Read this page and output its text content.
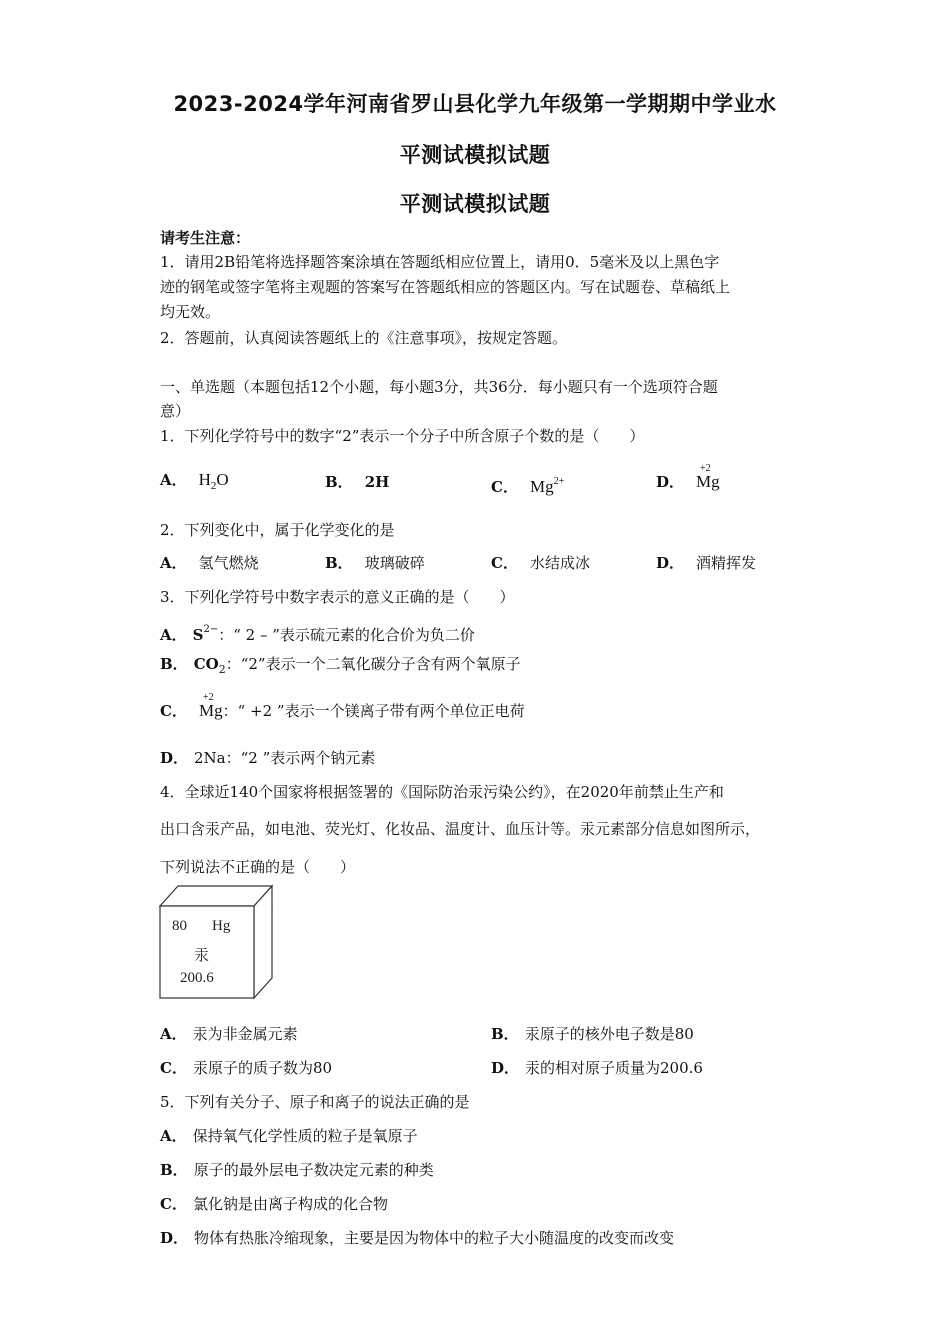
2023-2024学年河南省罗山县化学九年级第一学期期中学业水
平测试模拟试题
平测试模拟试题
请考生注意：
1．请用2B铅笔将选择题答案涂填在答题纸相应位置上，请用0．5毫米及以上黑色字
迹的钢笔或签字笔将主观题的答案写在答题纸相应的答题区内。写在试题卷、草稿纸上
均无效。
2．答题前，认真阅读答题纸上的《注意事项》，按规定答题。
一、单选题（本题包括12个小题，每小题3分，共36分．每小题只有一个选项符合题
意）
1．下列化学符号中的数字“2”表示一个分子中所含原子个数的是（　　）
A． $H_2O$	B． 2H	C． $Mg^{2+}$	D．
+2
Mg
2．下列变化中，属于化学变化的是
A． 氢气燃烧	B． 玻璃破碎	C． 水结成冰	D． 酒精挥发
3．下列化学符号中数字表示的意义正确的是（　　）
A． $S^{2-}$：“ 2 – ”表示硫元素的化合价为负二价
B． $CO_2$：“2”表示一个二氧化碳分子含有两个氧原子
C．
+2
Mg：“ +2 ”表示一个镁离子带有两个单位正电荷
D． 2Na：“2 ”表示两个钠元素
4．全球近140个国家将根据签署的《国际防治汞污染公约》，在2020年前禁止生产和
出口含汞产品，如电池、荧光灯、化妆品、温度计、血压计等。汞元素部分信息如图所示，
下列说法不正确的是（　　）
80 Hg
汞
200.6
A． 汞为非金属元素	B． 汞原子的核外电子数是80
C． 汞原子的质子数为80	D． 汞的相对原子质量为200.6
5．下列有关分子、原子和离子的说法正确的是
A． 保持氧气化学性质的粒子是氧原子
B． 原子的最外层电子数决定元素的种类
C． 氯化钠是由离子构成的化合物
D． 物体有热胀冷缩现象，主要是因为物体中的粒子大小随温度的改变而改变
